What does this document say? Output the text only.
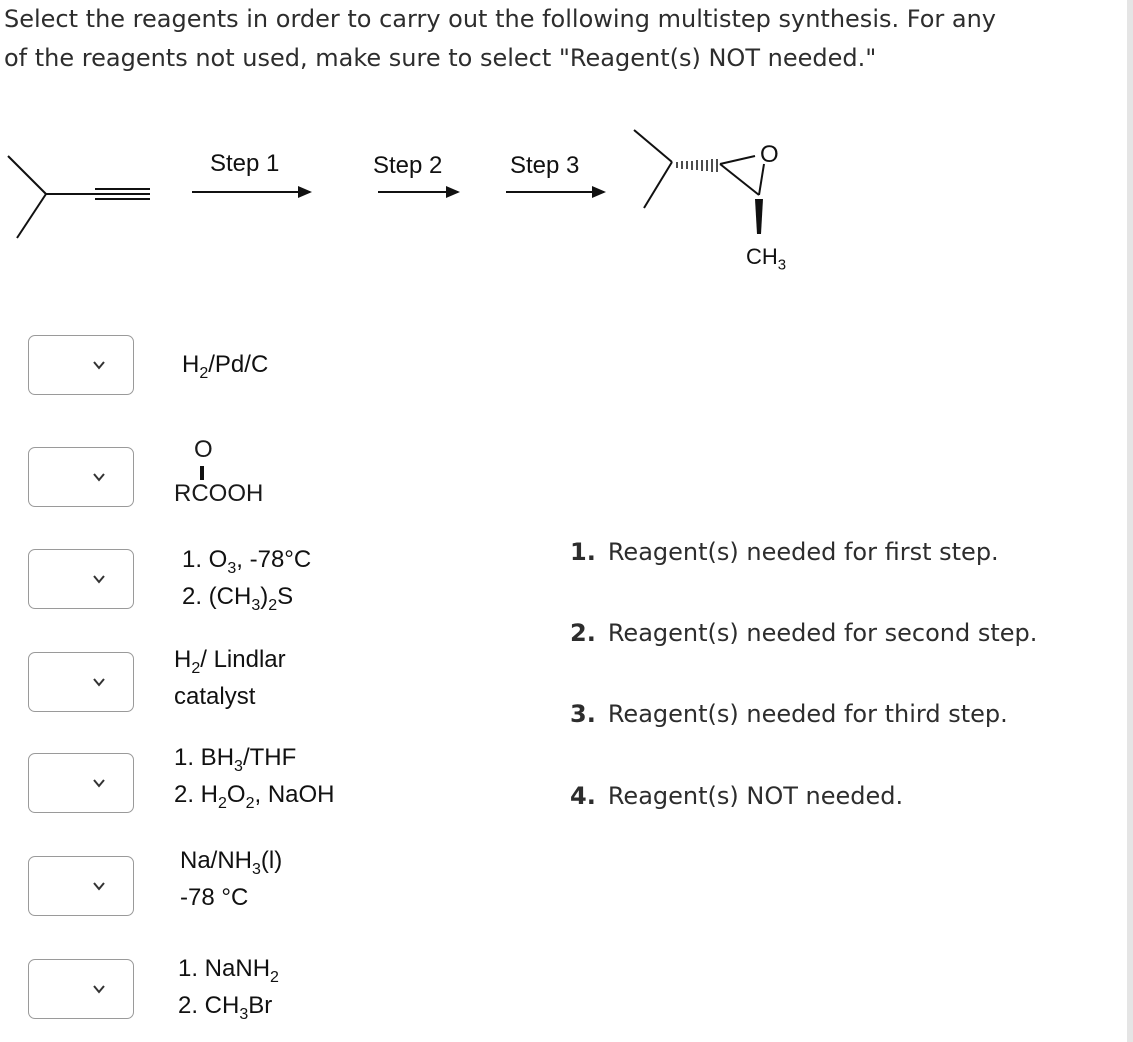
Select the reagents in order to carry out the following multistep synthesis. For any
of the reagents not used, make sure to select "Reagent(s) NOT needed."
Step 1	Step 2	Step 3	O
$CH_3$
$H_2/Pd/C$
O
RCOOH
1. $O_3$, -78°C
2. $(CH_3)_2S$
$H_2/$ Lindlar
catalyst
1. $BH_3$/THF
2. $H_2O_2$, NaOH
$Na/NH_3(l)$
-78 °C
1. NaNH$_2$
2. $CH_3Br$
1. Reagent(s) needed for first step.
2. Reagent(s) needed for second step.
3. Reagent(s) needed for third step.
4. Reagent(s) NOT needed.
